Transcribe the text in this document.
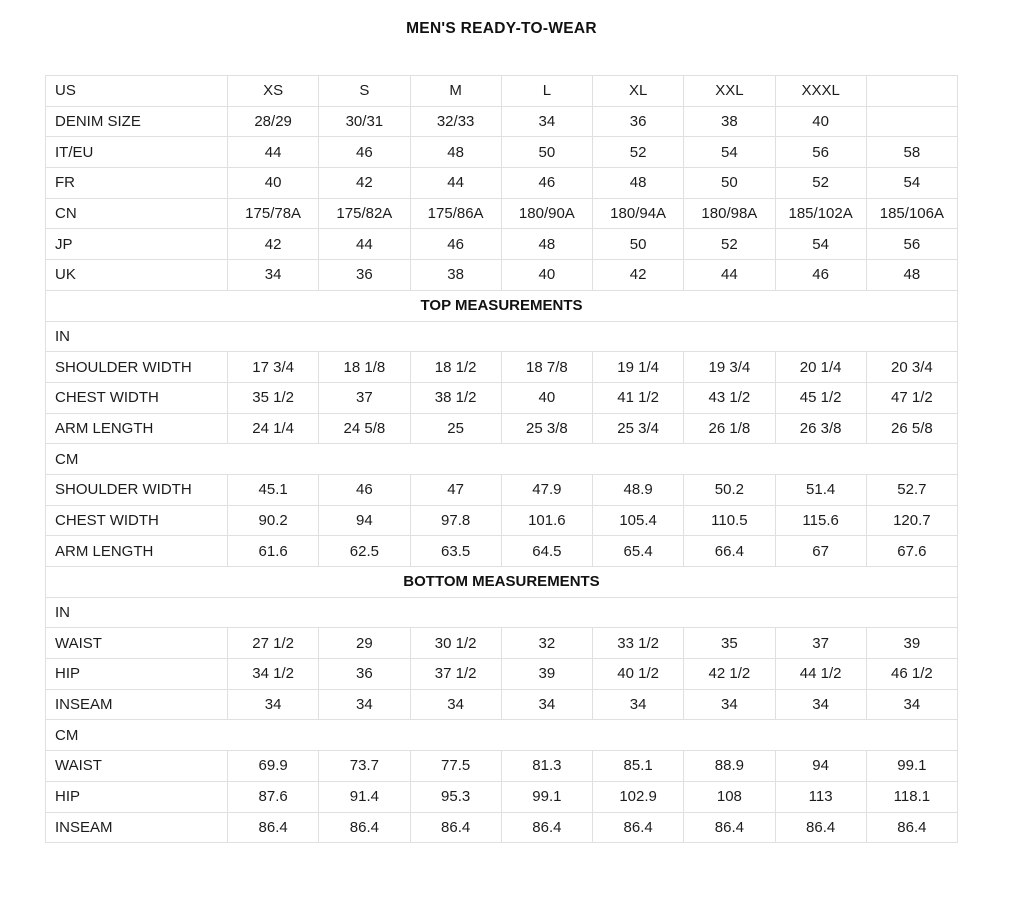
MEN'S READY-TO-WEAR
US	XS	S	M	L	XL	XXL	XXXL	
DENIM SIZE	28/29	30/31	32/33	34	36	38	40	
IT/EU	44	46	48	50	52	54	56	58
FR	40	42	44	46	48	50	52	54
CN	175/78A	175/82A	175/86A	180/90A	180/94A	180/98A	185/102A	185/106A
JP	42	44	46	48	50	52	54	56
UK	34	36	38	40	42	44	46	48
TOP MEASUREMENTS								
IN								
SHOULDER WIDTH	17 3/4	18 1/8	18 1/2	18 7/8	19 1/4	19 3/4	20 1/4	20 3/4
CHEST WIDTH	35 1/2	37	38 1/2	40	41 1/2	43 1/2	45 1/2	47 1/2
ARM LENGTH	24 1/4	24 5/8	25	25 3/8	25 3/4	26 1/8	26 3/8	26 5/8
CM								
SHOULDER WIDTH	45.1	46	47	47.9	48.9	50.2	51.4	52.7
CHEST WIDTH	90.2	94	97.8	101.6	105.4	110.5	115.6	120.7
ARM LENGTH	61.6	62.5	63.5	64.5	65.4	66.4	67	67.6
BOTTOM MEASUREMENTS								
IN								
WAIST	27 1/2	29	30 1/2	32	33 1/2	35	37	39
HIP	34 1/2	36	37 1/2	39	40 1/2	42 1/2	44 1/2	46 1/2
INSEAM	34	34	34	34	34	34	34	34
CM								
WAIST	69.9	73.7	77.5	81.3	85.1	88.9	94	99.1
HIP	87.6	91.4	95.3	99.1	102.9	108	113	118.1
INSEAM	86.4	86.4	86.4	86.4	86.4	86.4	86.4	86.4
